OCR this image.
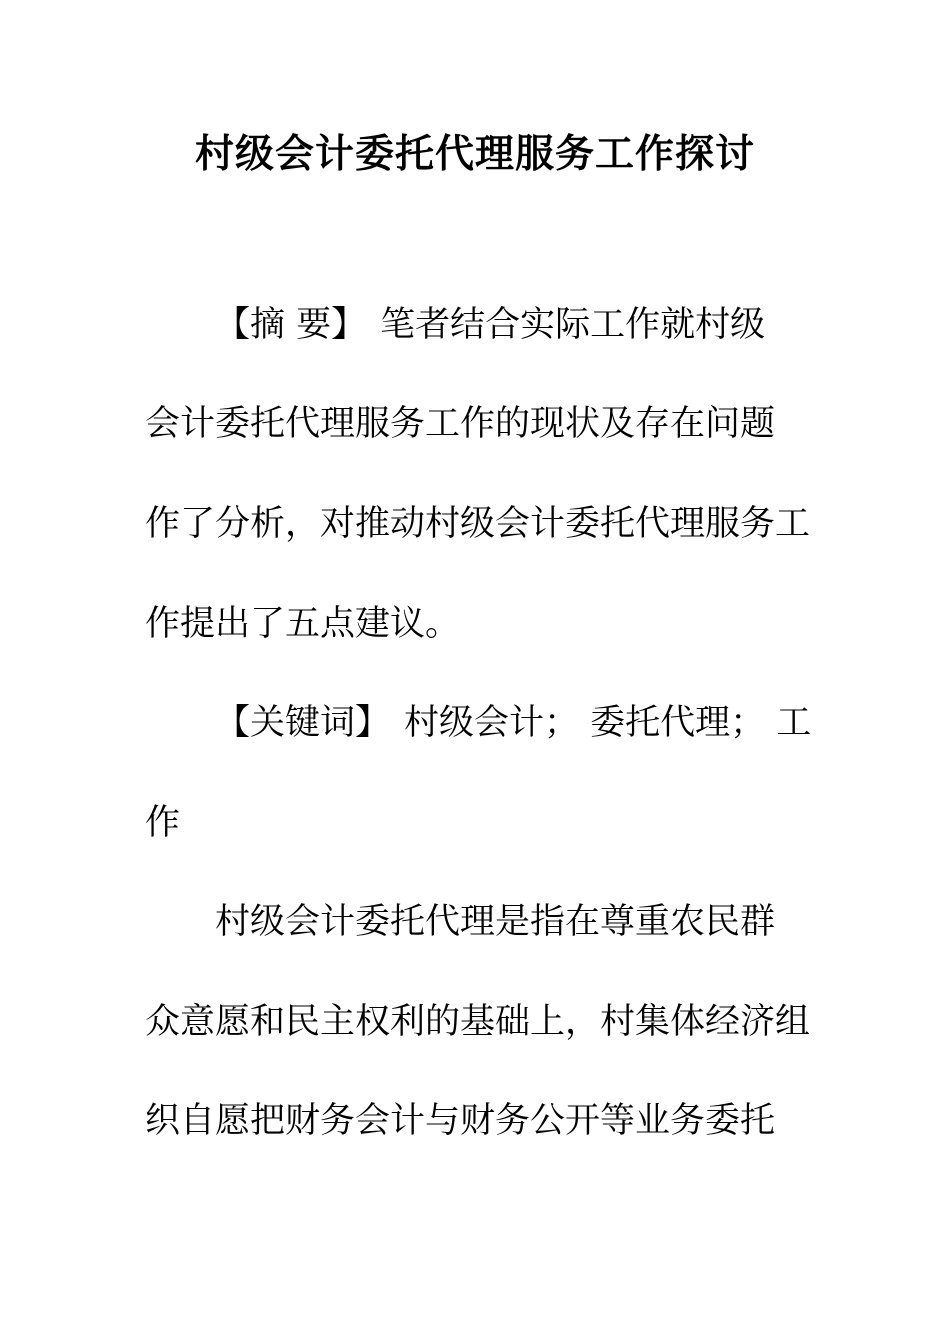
村级会计委托代理服务工作探讨
【摘 要】 笔者结合实际工作就村级
会计委托代理服务工作的现状及存在问题
作了分析，对推动村级会计委托代理服务工
作提出了五点建议。
【关键词】 村级会计； 委托代理； 工
作
村级会计委托代理是指在尊重农民群
众意愿和民主权利的基础上，村集体经济组
织自愿把财务会计与财务公开等业务委托
